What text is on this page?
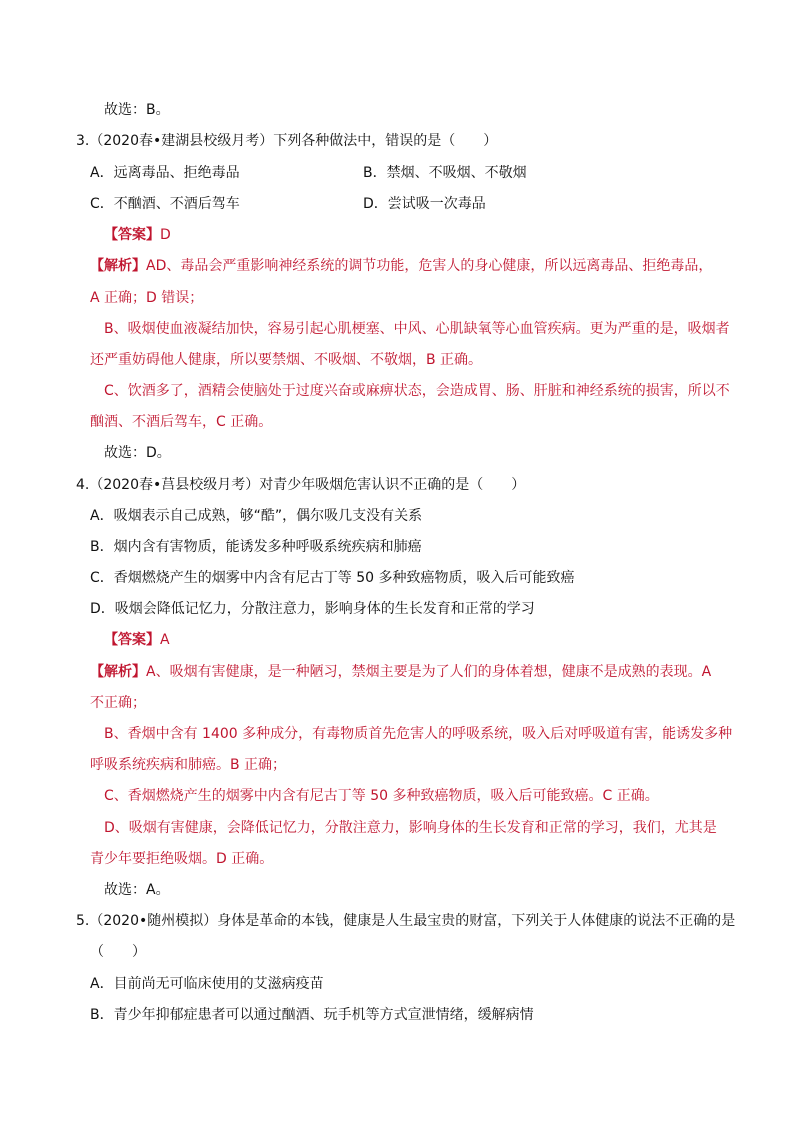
故选：B。
3.（2020春•建湖县校级月考）下列各种做法中，错误的是（　　）
A．远离毒品、拒绝毒品	B．禁烟、不吸烟、不敬烟
C．不酗酒、不酒后驾车	D．尝试吸一次毒品
【答案】D
【解析】AD、毒品会严重影响神经系统的调节功能，危害人的身心健康，所以远离毒品、拒绝毒品，
A 正确；D 错误；
B、吸烟使血液凝结加快，容易引起心肌梗塞、中风、心肌缺氧等心血管疾病。更为严重的是，吸烟者
还严重妨碍他人健康，所以要禁烟、不吸烟、不敬烟，B 正确。
C、饮酒多了，酒精会使脑处于过度兴奋或麻痹状态，会造成胃、肠、肝脏和神经系统的损害，所以不
酗酒、不酒后驾车，C 正确。
故选：D。
4.（2020春•莒县校级月考）对青少年吸烟危害认识不正确的是（　　）
A．吸烟表示自己成熟，够“酷”，偶尔吸几支没有关系
B．烟内含有害物质，能诱发多种呼吸系统疾病和肺癌
C．香烟燃烧产生的烟雾中内含有尼古丁等 50 多种致癌物质，吸入后可能致癌
D．吸烟会降低记忆力，分散注意力，影响身体的生长发育和正常的学习
【答案】A
【解析】A、吸烟有害健康，是一种陋习，禁烟主要是为了人们的身体着想，健康不是成熟的表现。A
不正确；
B、香烟中含有 1400 多种成分，有毒物质首先危害人的呼吸系统，吸入后对呼吸道有害，能诱发多种
呼吸系统疾病和肺癌。B 正确；
C、香烟燃烧产生的烟雾中内含有尼古丁等 50 多种致癌物质，吸入后可能致癌。C 正确。
D、吸烟有害健康，会降低记忆力，分散注意力，影响身体的生长发育和正常的学习，我们，尤其是
青少年要拒绝吸烟。D 正确。
故选：A。
5.（2020•随州模拟）身体是革命的本钱，健康是人生最宝贵的财富，下列关于人体健康的说法不正确的是
（　　）
A．目前尚无可临床使用的艾滋病疫苗
B．青少年抑郁症患者可以通过酗酒、玩手机等方式宣泄情绪，缓解病情
